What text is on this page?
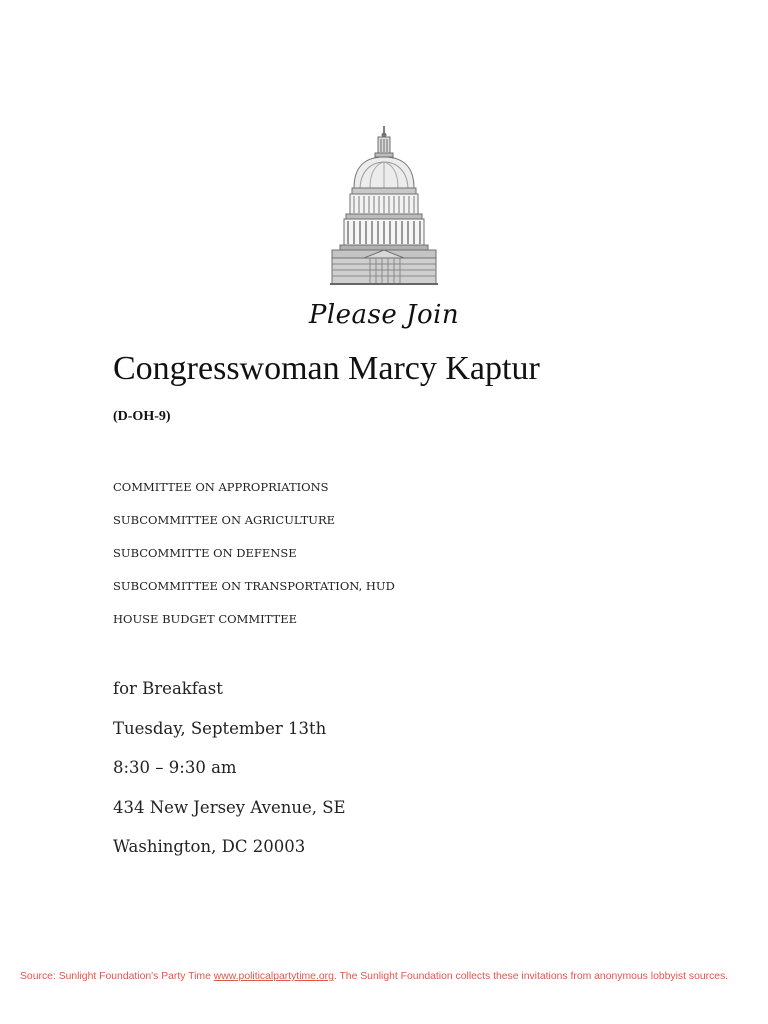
Please Join
Congresswoman Marcy Kaptur
(D-OH-9)
COMMITTEE ON APPROPRIATIONS
SUBCOMMITTEE ON AGRICULTURE
SUBCOMMITTE ON DEFENSE
SUBCOMMITTEE ON TRANSPORTATION, HUD
HOUSE BUDGET COMMITTEE
for Breakfast
Tuesday, September 13th
8:30 – 9:30 am
434 New Jersey Avenue, SE
Washington, DC 20003
Source: Sunlight Foundation's Party Time www.politicalpartytime.org. The Sunlight Foundation collects these invitations from anonymous lobbyist sources.
